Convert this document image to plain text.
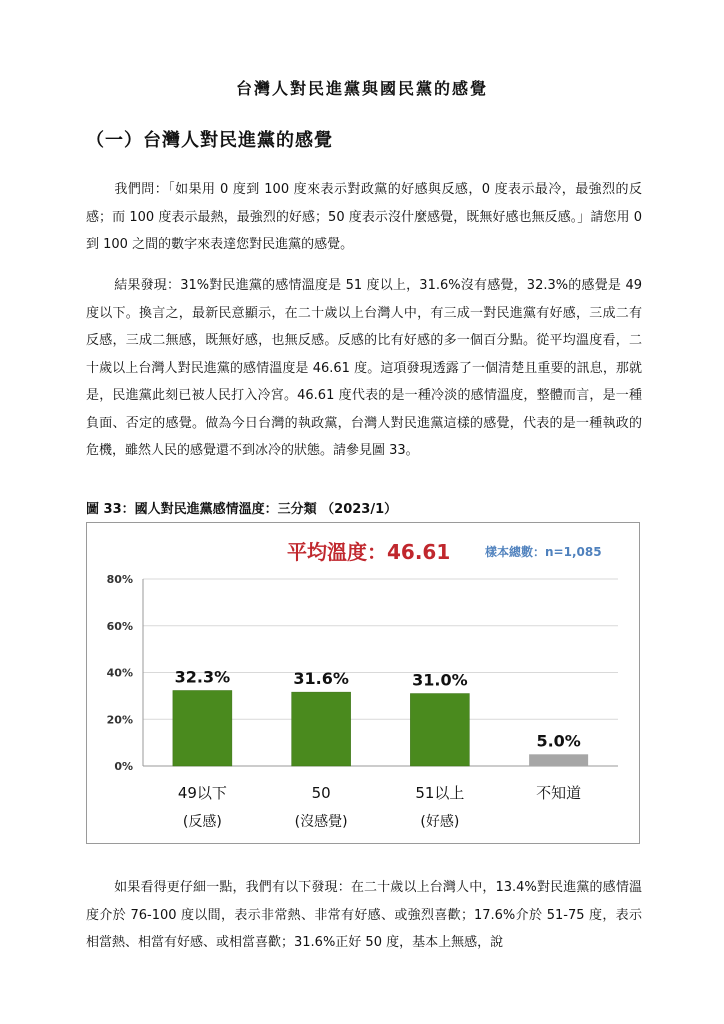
台灣人對民進黨與國民黨的感覺
（一）台灣人對民進黨的感覺

我們問：「如果用 0 度到 100 度來表示對政黨的好感與反感，0 度表示最冷，最強烈的反感；而 100 度表示最熱，最強烈的好感；50 度表示沒什麼感覺，既無好感也無反感。」請您用 0 到 100 之間的數字來表達您對民進黨的感覺。

結果發現：31%對民進黨的感情溫度是 51 度以上，31.6%沒有感覺，32.3%的感覺是 49 度以下。換言之，最新民意顯示，在二十歲以上台灣人中，有三成一對民進黨有好感，三成二有反感，三成二無感，既無好感，也無反感。反感的比有好感的多一個百分點。從平均溫度看，二十歲以上台灣人對民進黨的感情溫度是 46.61 度。這項發現透露了一個清楚且重要的訊息，那就是，民進黨此刻已被人民打入冷宮。46.61 度代表的是一種冷淡的感情溫度，整體而言，是一種負面、否定的感覺。做為今日台灣的執政黨，台灣人對民進黨這樣的感覺，代表的是一種執政的危機，雖然人民的感覺還不到冰冷的狀態。請參見圖 33。

圖 33：國人對民進黨感情溫度：三分類 （2023/1）
平均溫度：46.61	樣本總數：n=1,085
0%
20%
40%
60%
80%
32.3%
49以下
(反感)
31.6%
50
(沒感覺)
31.0%
51以上
(好感)
5.0%
不知道

如果看得更仔細一點，我們有以下發現：在二十歲以上台灣人中，13.4%對民進黨的感情溫度介於 76-100 度以間，表示非常熱、非常有好感、或強烈喜歡；17.6%介於 51-75 度，表示相當熱、相當有好感、或相當喜歡；31.6%正好 50 度，基本上無感，說
